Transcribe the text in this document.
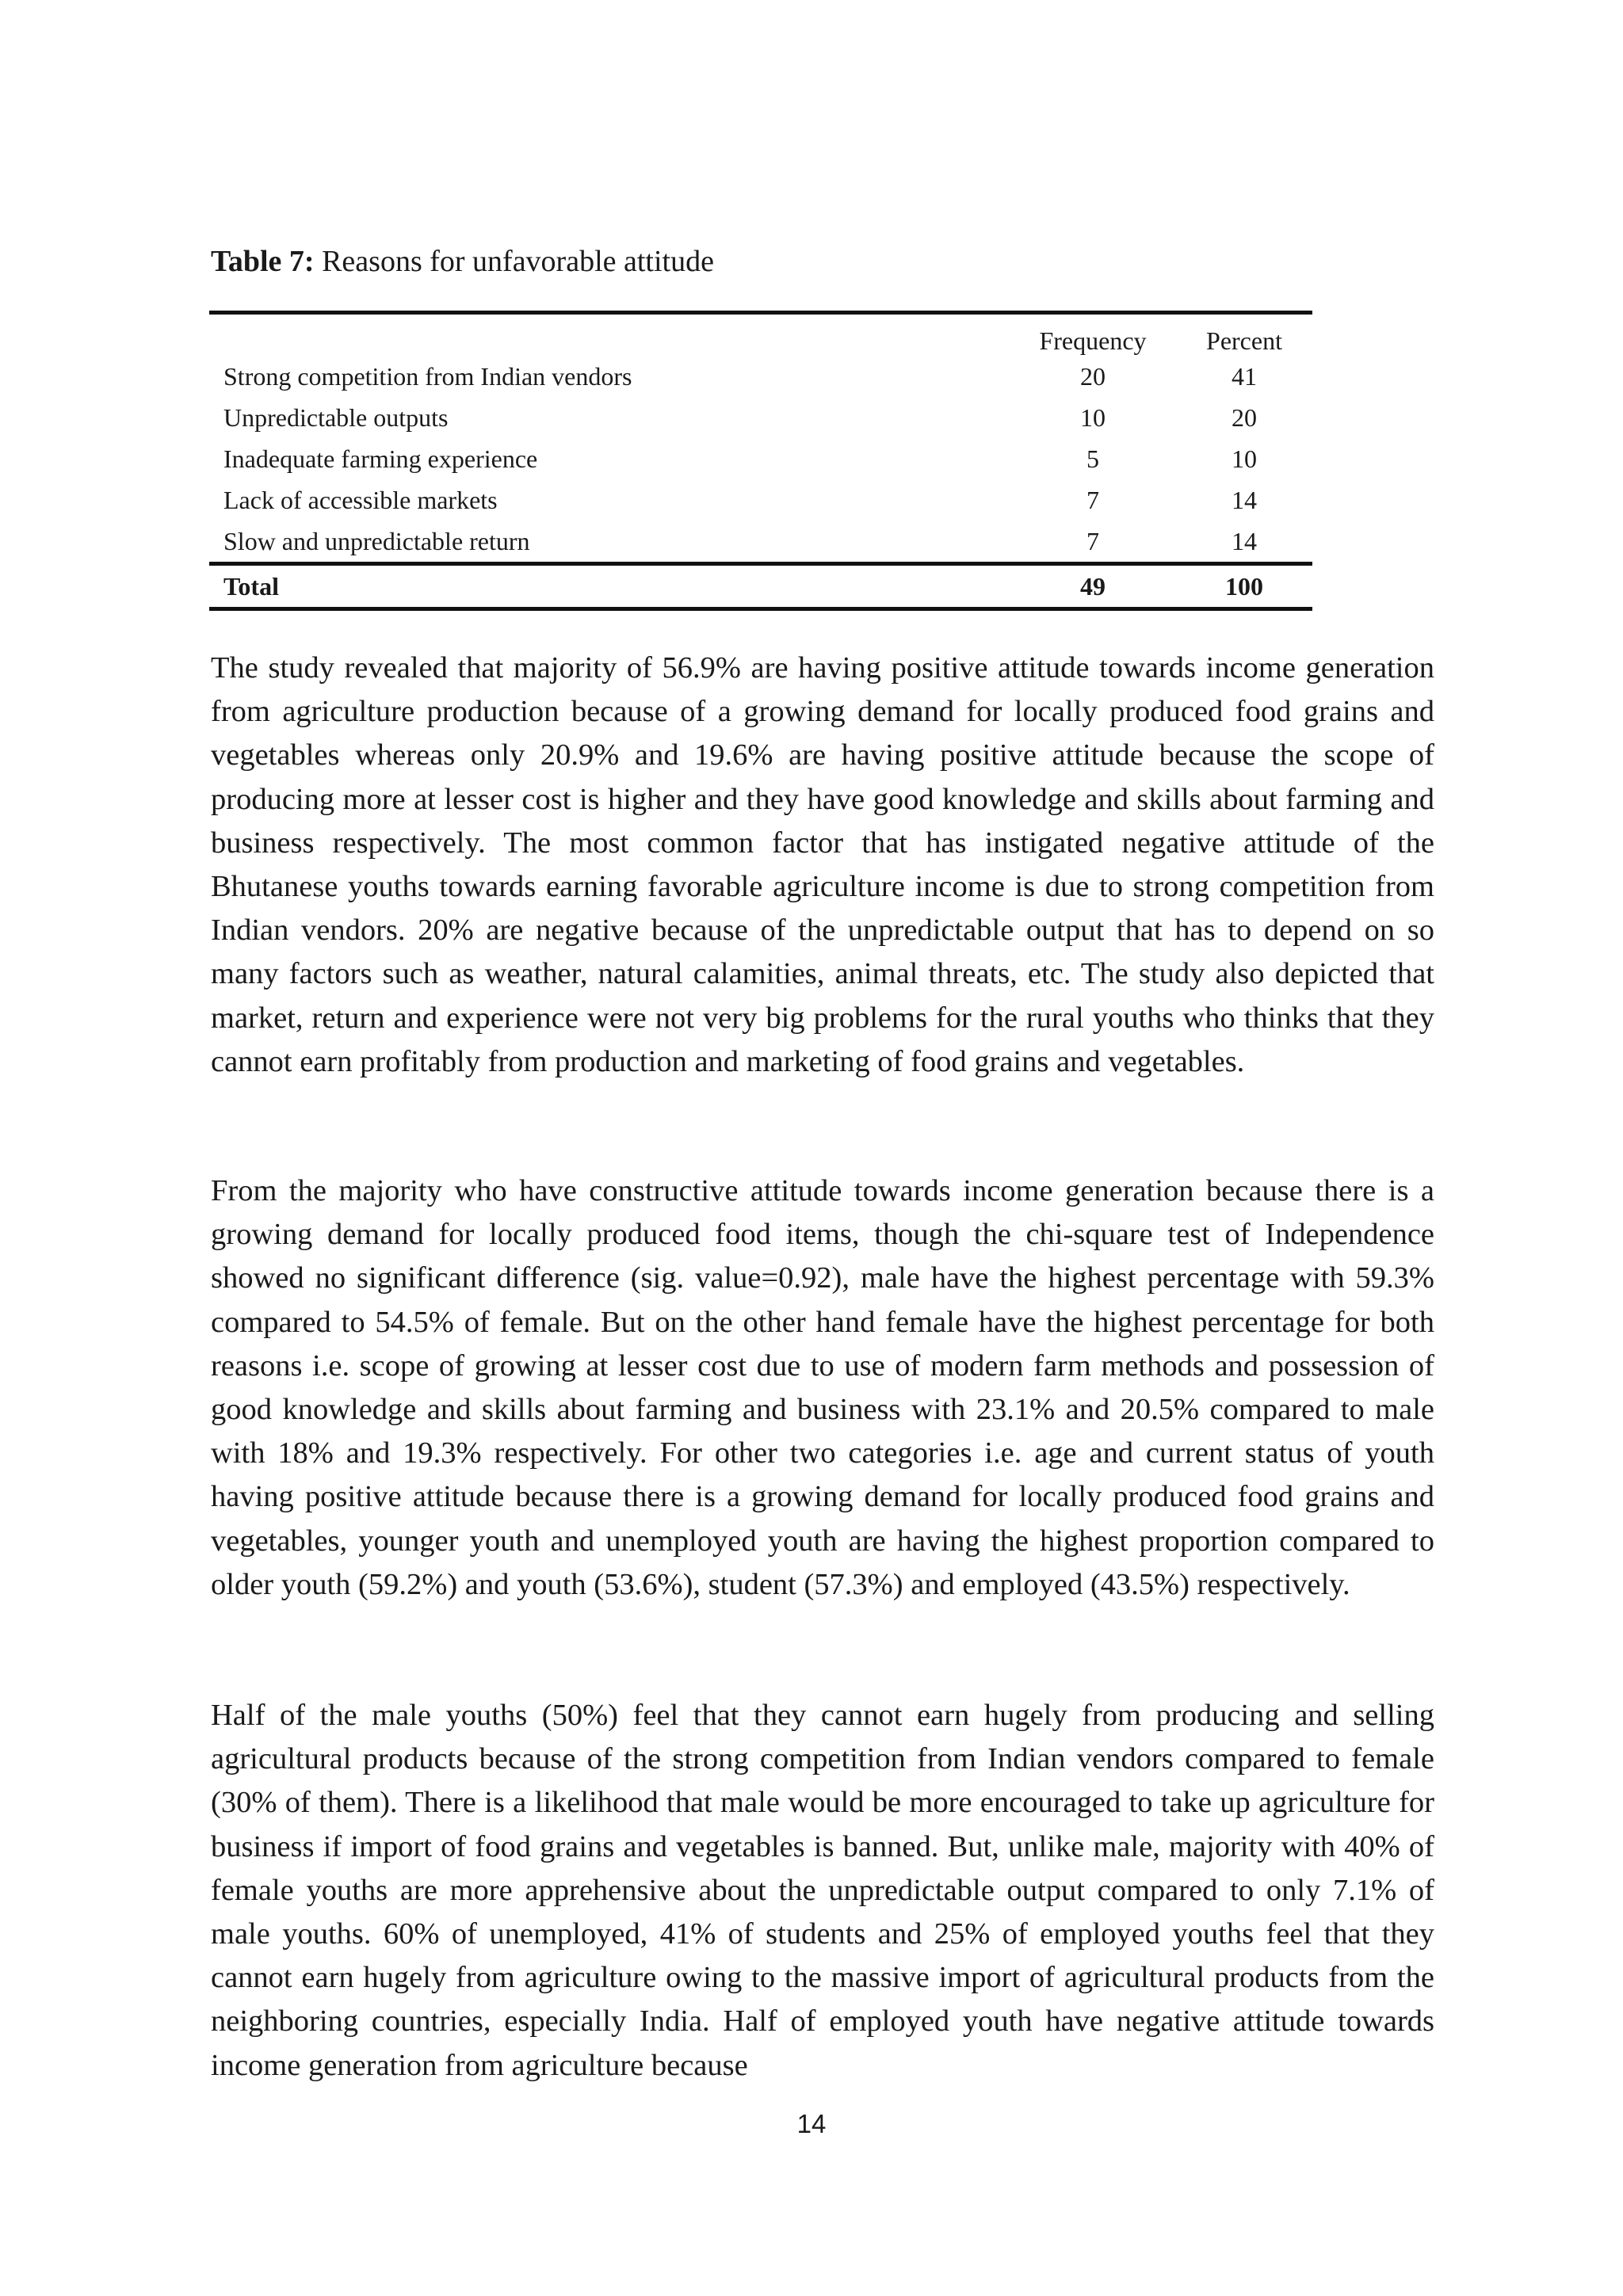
Table 7: Reasons for unfavorable attitude
	Frequency	Percent
Strong competition from Indian vendors	20	41
Unpredictable outputs	10	20
Inadequate farming experience	5	10
Lack of accessible markets	7	14
Slow and unpredictable return	7	14
Total	49	100

The study revealed that majority of 56.9% are having positive attitude towards income generation from agriculture production because of a growing demand for locally produced food grains and vegetables whereas only 20.9% and 19.6% are having positive attitude because the scope of producing more at lesser cost is higher and they have good knowledge and skills about farming and business respectively. The most common factor that has instigated negative attitude of the Bhutanese youths towards earning favorable agriculture income is due to strong competition from Indian vendors. 20% are negative because of the unpredictable output that has to depend on so many factors such as weather, natural calamities, animal threats, etc. The study also depicted that market, return and experience were not very big problems for the rural youths who thinks that they cannot earn profitably from production and marketing of food grains and vegetables.

From the majority who have constructive attitude towards income generation because there is a growing demand for locally produced food items, though the chi-square test of Independence showed no significant difference (sig. value=0.92), male have the highest percentage with 59.3% compared to 54.5% of female. But on the other hand female have the highest percentage for both reasons i.e. scope of growing at lesser cost due to use of modern farm methods and possession of good knowledge and skills about farming and business with 23.1% and 20.5% compared to male with 18% and 19.3% respectively. For other two categories i.e. age and current status of youth having positive attitude because there is a growing demand for locally produced food grains and vegetables, younger youth and unemployed youth are having the highest proportion compared to older youth (59.2%) and youth (53.6%), student (57.3%) and employed (43.5%) respectively.

Half of the male youths (50%) feel that they cannot earn hugely from producing and selling agricultural products because of the strong competition from Indian vendors compared to female (30% of them). There is a likelihood that male would be more encouraged to take up agriculture for business if import of food grains and vegetables is banned. But, unlike male, majority with 40% of female youths are more apprehensive about the unpredictable output compared to only 7.1% of male youths. 60% of unemployed, 41% of students and 25% of employed youths feel that they cannot earn hugely from agriculture owing to the massive import of agricultural products from the neighboring countries, especially India. Half of employed youth have negative attitude towards income generation from agriculture because

14
